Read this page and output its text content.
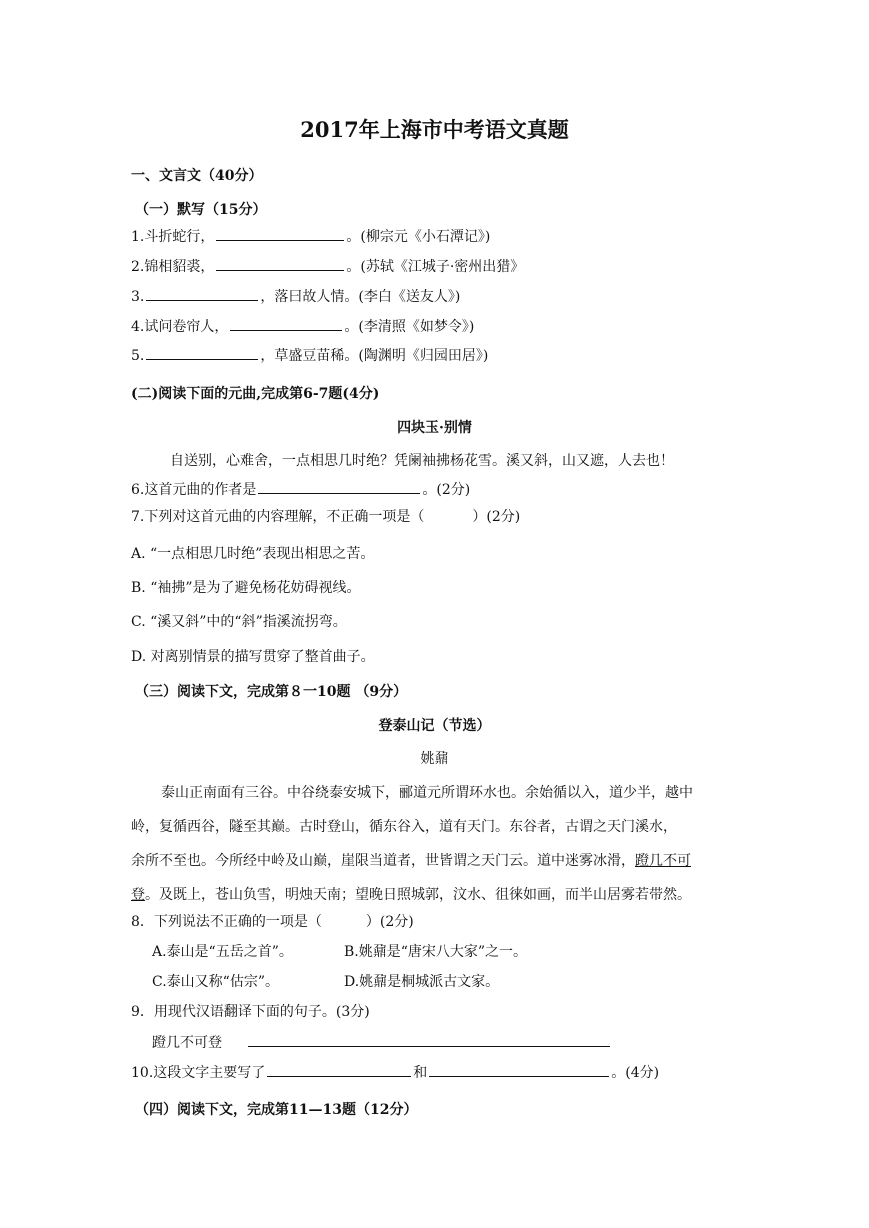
2017年上海市中考语文真题
一、文言文（40分）
（一）默写（15分）
1.斗折蛇行，	。(柳宗元《小石潭记》)
2.锦相貂裘，	。(苏轼《江城子·密州出猎》
3.	，落曰故人情。(李白《送友人》)
4.试问卷帘人，	。(李清照《如梦令》)
5.	，草盛豆苗稀。(陶渊明《归园田居》)
(二)阅读下面的元曲,完成第6-7题(4分)
四块玉·别情
自送别，心难舍，一点相思几时绝？凭阑袖拂杨花雪。溪又斜，山又遮，人去也！
6.这首元曲的作者是	。(2分)
7.下列对这首元曲的内容理解，不正确一项是（	）(2分)
A. “一点相思几时绝”表现出相思之苦。
B. “袖拂”是为了避免杨花妨碍视线。
C. “溪又斜”中的“斜”指溪流拐弯。
D. 对离别情景的描写贯穿了整首曲子。
（三）阅读下文，完成第８一10题 （9分）
登泰山记（节选）
姚鼐
泰山正南面有三谷。中谷绕泰安城下，郦道元所谓环水也。余始循以入，道少半，越中
岭，复循西谷，隧至其巅。古时登山，循东谷入，道有天门。东谷者，古谓之天门溪水，
余所不至也。今所经中岭及山巅，崖限当道者，世皆谓之天门云。道中迷雾冰滑，蹬几不可
登。及既上，苍山负雪，明烛天南；望晚日照城郭，汶水、徂徕如画，而半山居雾若带然。
8．下列说法不正确的一项是（	）(2分)
A.泰山是“五岳之首”。	B.姚鼐是“唐宋八大家”之一。
C.泰山又称“估宗”。	D.姚鼐是桐城派古文家。
9．用现代汉语翻译下面的句子。(3分)
蹬几不可登
10.这段文字主要写了	和	。(4分)
（四）阅读下文，完成第11—13题（12分）
